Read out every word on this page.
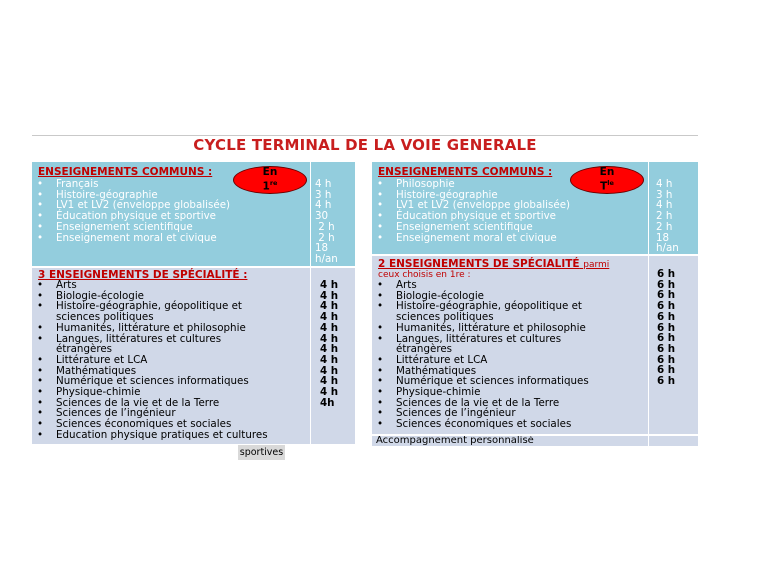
CYCLE TERMINAL DE LA VOIE GENERALE
ENSEIGNEMENTS COMMUNS :
• Français
• Histoire-géographie
• LV1 et LV2 (enveloppe globalisée)
• Éducation physique et sportive
• Enseignement scientifique
• Enseignement moral et civique
4 h
3 h
4 h
30
2 h
2 h
18
h/an
En
1re
3 ENSEIGNEMENTS DE SPÉCIALITÉ :
• Arts
• Biologie-écologie
• Histoire-géographie, géopolitique et
sciences politiques
• Humanités, littérature et philosophie
• Langues, littératures et cultures
étrangères
• Littérature et LCA
• Mathématiques
• Numérique et sciences informatiques
• Physique-chimie
• Sciences de la vie et de la Terre
• Sciences de l’ingénieur
• Sciences économiques et sociales
• Education physique pratiques et cultures
4 h
4 h
4 h
4 h
4 h
4 h
4 h
4 h
4 h
4 h
4 h
4h
sportives
ENSEIGNEMENTS COMMUNS :
• Philosophie
• Histoire-géographie
• LV1 et LV2 (enveloppe globalisée)
• Éducation physique et sportive
• Enseignement scientifique
• Enseignement moral et civique
4 h
3 h
4 h
2 h
2 h
18
h/an
En
$T^{le}$
2 ENSEIGNEMENTS DE SPÉCIALITÉ parmi
ceux choisis en 1re :
• Arts
• Biologie-écologie
• Histoire-géographie, géopolitique et
sciences politiques
• Humanités, littérature et philosophie
• Langues, littératures et cultures
étrangères
• Littérature et LCA
• Mathématiques
• Numérique et sciences informatiques
• Physique-chimie
• Sciences de la vie et de la Terre
• Sciences de l’ingénieur
• Sciences économiques et sociales
6 h
6 h
6 h
6 h
6 h
6 h
6 h
6 h
6 h
6 h
6 h
Accompagnement personnalisé
